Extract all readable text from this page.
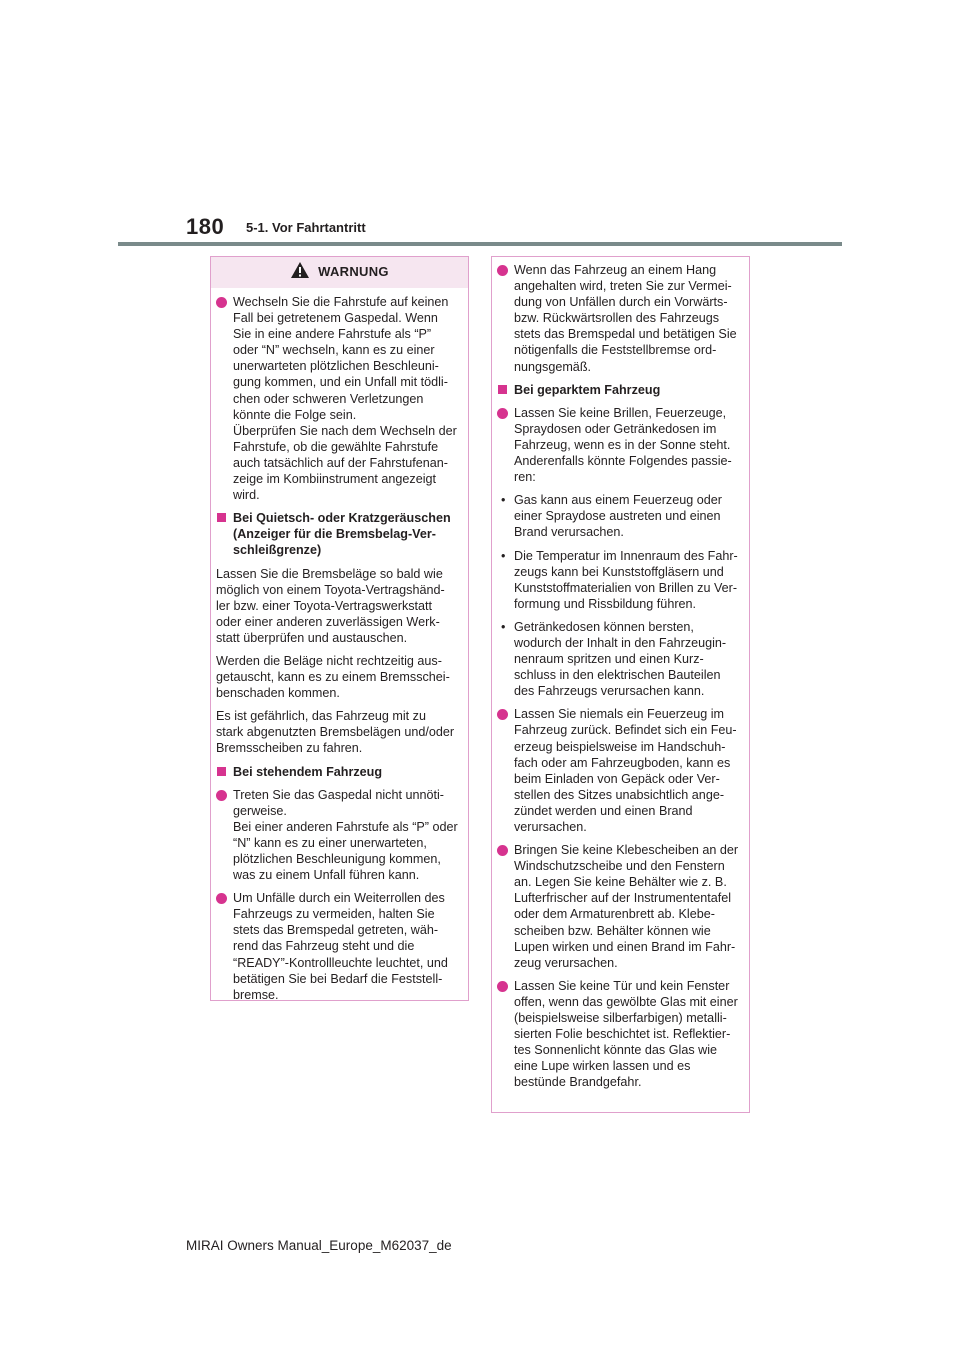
180 5-1. Vor Fahrtantritt
WARNUNG
Wechseln Sie die Fahrstufe auf keinen
Fall bei getretenem Gaspedal. Wenn
Sie in eine andere Fahrstufe als “P”
oder “N” wechseln, kann es zu einer
unerwarteten plötzlichen Beschleuni-
gung kommen, und ein Unfall mit tödli-
chen oder schweren Verletzungen
könnte die Folge sein.
Überprüfen Sie nach dem Wechseln der
Fahrstufe, ob die gewählte Fahrstufe
auch tatsächlich auf der Fahrstufenan-
zeige im Kombiinstrument angezeigt
wird.
Bei Quietsch- oder Kratzgeräuschen
(Anzeiger für die Bremsbelag-Ver-
schleißgrenze)

Lassen Sie die Bremsbeläge so bald wie
möglich von einem Toyota-Vertragshänd-
ler bzw. einer Toyota-Vertragswerkstatt
oder einer anderen zuverlässigen Werk-
statt überprüfen und austauschen.

Werden die Beläge nicht rechtzeitig aus-
getauscht, kann es zu einem Bremsschei-
benschaden kommen.

Es ist gefährlich, das Fahrzeug mit zu
stark abgenutzten Bremsbelägen und/oder
Bremsscheiben zu fahren.

Bei stehendem Fahrzeug
Treten Sie das Gaspedal nicht unnöti-
gerweise.
Bei einer anderen Fahrstufe als “P” oder
“N” kann es zu einer unerwarteten,
plötzlichen Beschleunigung kommen,
was zu einem Unfall führen kann.
Um Unfälle durch ein Weiterrollen des
Fahrzeugs zu vermeiden, halten Sie
stets das Bremspedal getreten, wäh-
rend das Fahrzeug steht und die
“READY”-Kontrollleuchte leuchtet, und
betätigen Sie bei Bedarf die Feststell-
bremse.
Wenn das Fahrzeug an einem Hang
angehalten wird, treten Sie zur Vermei-
dung von Unfällen durch ein Vorwärts-
bzw. Rückwärtsrollen des Fahrzeugs
stets das Bremspedal und betätigen Sie
nötigenfalls die Feststellbremse ord-
nungsgemäß.
Bei geparktem Fahrzeug
Lassen Sie keine Brillen, Feuerzeuge,
Spraydosen oder Getränkedosen im
Fahrzeug, wenn es in der Sonne steht.
Anderenfalls könnte Folgendes passie-
ren:
• Gas kann aus einem Feuerzeug oder
einer Spraydose austreten und einen
Brand verursachen.
• Die Temperatur im Innenraum des Fahr-
zeugs kann bei Kunststoffgläsern und
Kunststoffmaterialien von Brillen zu Ver-
formung und Rissbildung führen.
• Getränkedosen können bersten,
wodurch der Inhalt in den Fahrzeugin-
nenraum spritzen und einen Kurz-
schluss in den elektrischen Bauteilen
des Fahrzeugs verursachen kann.
Lassen Sie niemals ein Feuerzeug im
Fahrzeug zurück. Befindet sich ein Feu-
erzeug beispielsweise im Handschuh-
fach oder am Fahrzeugboden, kann es
beim Einladen von Gepäck oder Ver-
stellen des Sitzes unabsichtlich ange-
zündet werden und einen Brand
verursachen.
Bringen Sie keine Klebescheiben an der
Windschutzscheibe und den Fenstern
an. Legen Sie keine Behälter wie z. B.
Lufterfrischer auf der Instrumententafel
oder dem Armaturenbrett ab. Klebe-
scheiben bzw. Behälter können wie
Lupen wirken und einen Brand im Fahr-
zeug verursachen.
Lassen Sie keine Tür und kein Fenster
offen, wenn das gewölbte Glas mit einer
(beispielsweise silberfarbigen) metalli-
sierten Folie beschichtet ist. Reflektier-
tes Sonnenlicht könnte das Glas wie
eine Lupe wirken lassen und es
bestünde Brandgefahr.
MIRAI Owners Manual_Europe_M62037_de
